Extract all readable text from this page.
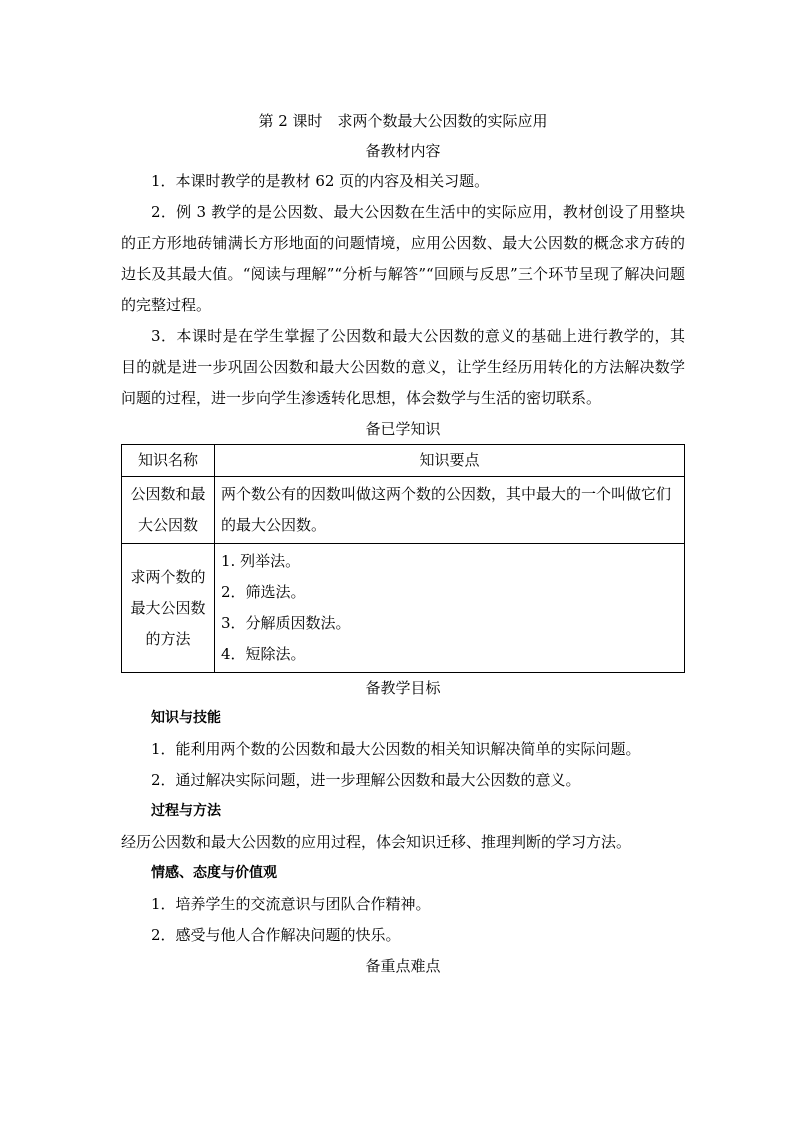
第 2 课时　求两个数最大公因数的实际应用
备教材内容

1．本课时教学的是教材 62 页的内容及相关习题。

2．例 3 教学的是公因数、最大公因数在生活中的实际应用，教材创设了用整块的正方形地砖铺满长方形地面的问题情境，应用公因数、最大公因数的概念求方砖的边长及其最大值。“阅读与理解”“分析与解答”“回顾与反思”三个环节呈现了解决问题的完整过程。

3．本课时是在学生掌握了公因数和最大公因数的意义的基础上进行教学的，其目的就是进一步巩固公因数和最大公因数的意义，让学生经历用转化的方法解决数学问题的过程，进一步向学生渗透转化思想，体会数学与生活的密切联系。

备已学知识
知识名称	知识要点
公因数和最大公因数	两个数公有的因数叫做这两个数的公因数，其中最大的一个叫做它们的最大公因数。
求两个数的最大公因数的方法	1. 列举法。
2．筛选法。
3．分解质因数法。
4．短除法。
备教学目标
知识与技能
1．能利用两个数的公因数和最大公因数的相关知识解决简单的实际问题。
2．通过解决实际问题，进一步理解公因数和最大公因数的意义。
过程与方法
经历公因数和最大公因数的应用过程，体会知识迁移、推理判断的学习方法。
情感、态度与价值观
1．培养学生的交流意识与团队合作精神。
2．感受与他人合作解决问题的快乐。
备重点难点
